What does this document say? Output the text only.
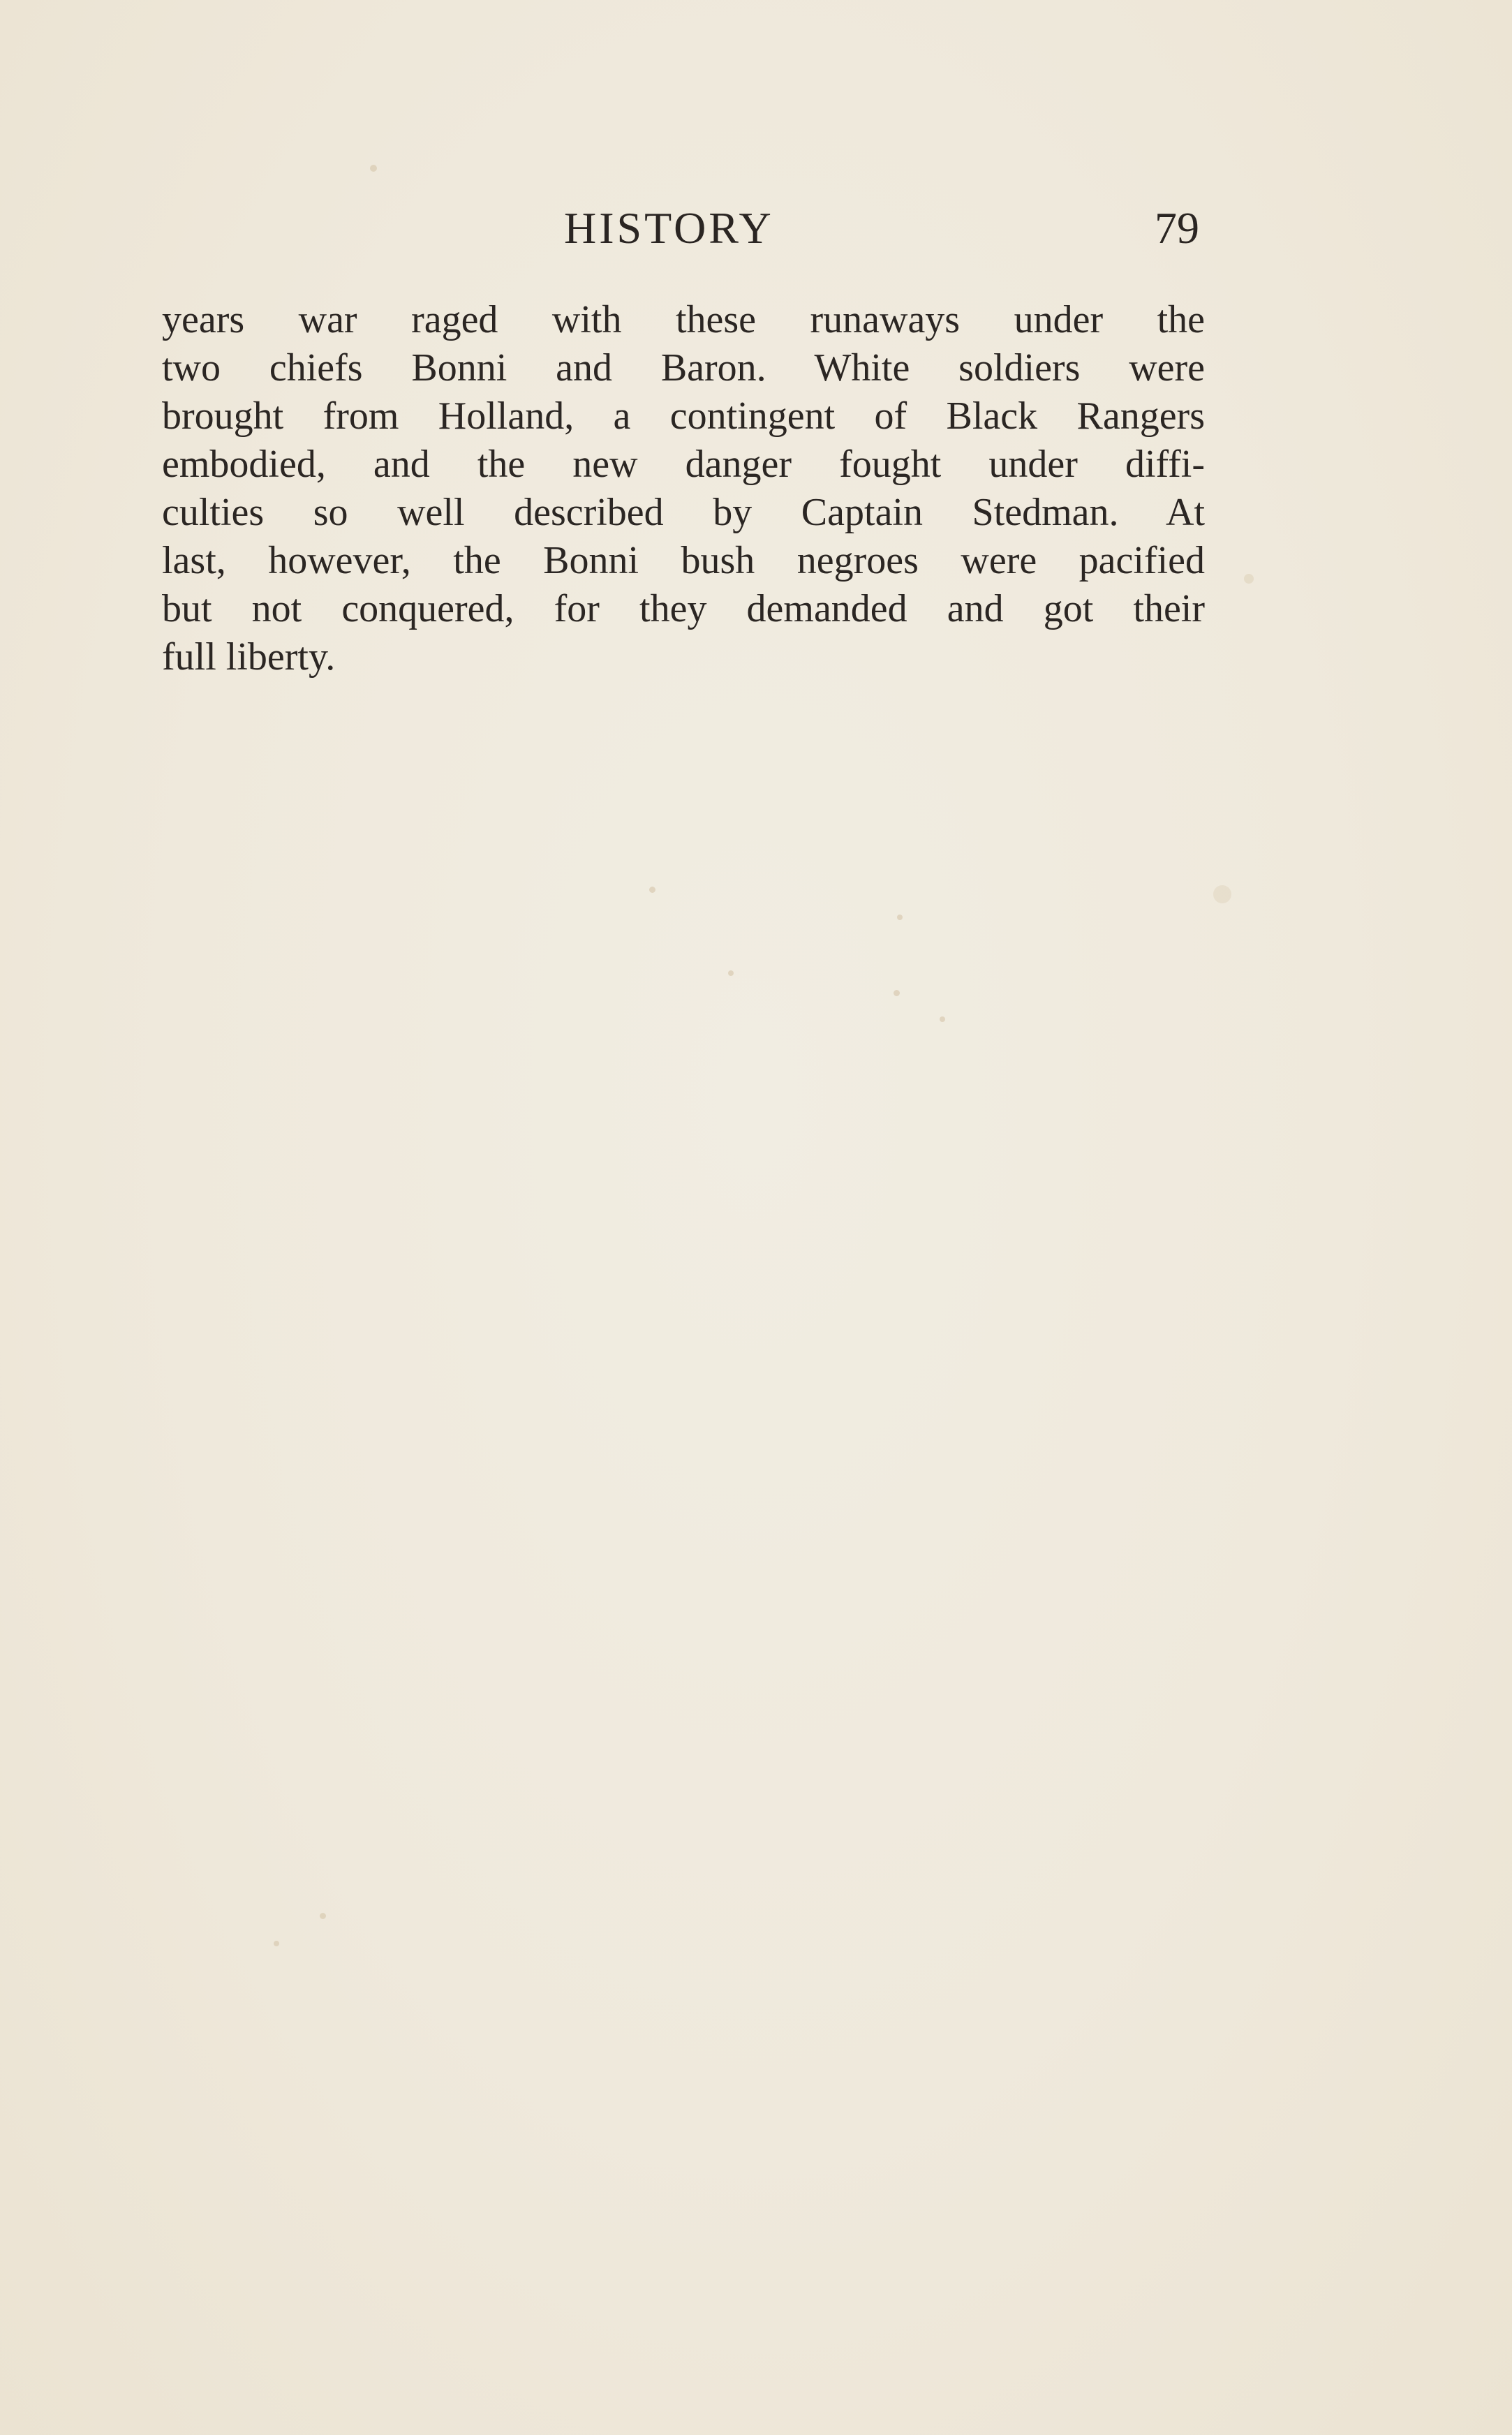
HISTORY	79
years war raged with these runaways under the
two chiefs Bonni and Baron. White soldiers were
brought from Holland, a contingent of Black Rangers
embodied, and the new danger fought under diffi-
culties so well described by Captain Stedman. At
last, however, the Bonni bush negroes were pacified
but not conquered, for they demanded and got their
full liberty.
